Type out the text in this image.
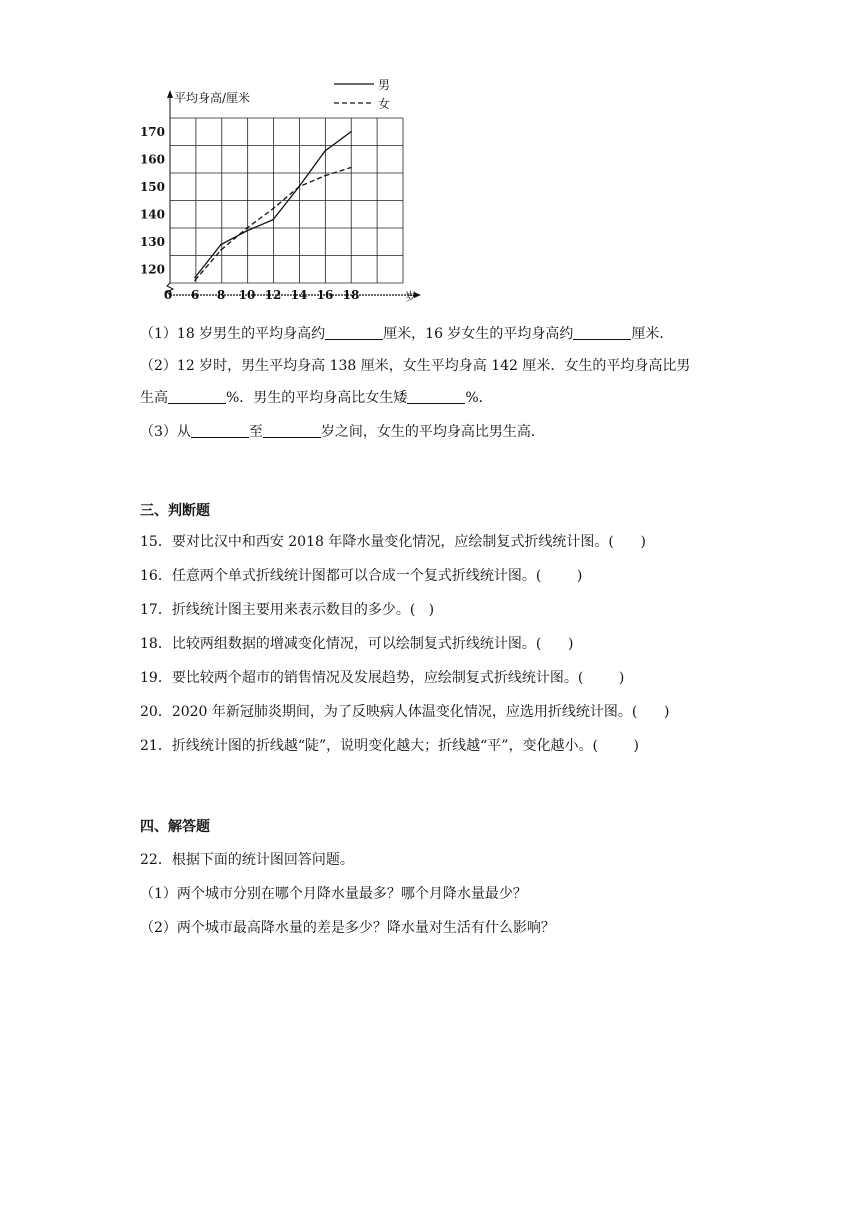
平均身高/厘米
岁
120
130
140
150
160
170
0 6 8 10 12 14 16 18
男
女
（1）18 岁男生的平均身高约	厘米，16 岁女生的平均身高约	厘米．
（2）12 岁时，男生平均身高 138 厘米，女生平均身高 142 厘米．女生的平均身高比男
生高	%．男生的平均身高比女生矮	%．
（3）从	至	岁之间，女生的平均身高比男生高．
三、判断题
15．要对比汉中和西安 2018 年降水量变化情况，应绘制复式折线统计图。(      )
16．任意两个单式折线统计图都可以合成一个复式折线统计图。(        )
17．折线统计图主要用来表示数目的多少。(   )
18．比较两组数据的增减变化情况，可以绘制复式折线统计图。(      )
19．要比较两个超市的销售情况及发展趋势，应绘制复式折线统计图。(        )
20．2020 年新冠肺炎期间，为了反映病人体温变化情况，应选用折线统计图。(      )
21．折线统计图的折线越“陡”，说明变化越大；折线越“平”，变化越小。(        )
四、解答题
22．根据下面的统计图回答问题。
（1）两个城市分别在哪个月降水量最多？哪个月降水量最少？
（2）两个城市最高降水量的差是多少？降水量对生活有什么影响？
